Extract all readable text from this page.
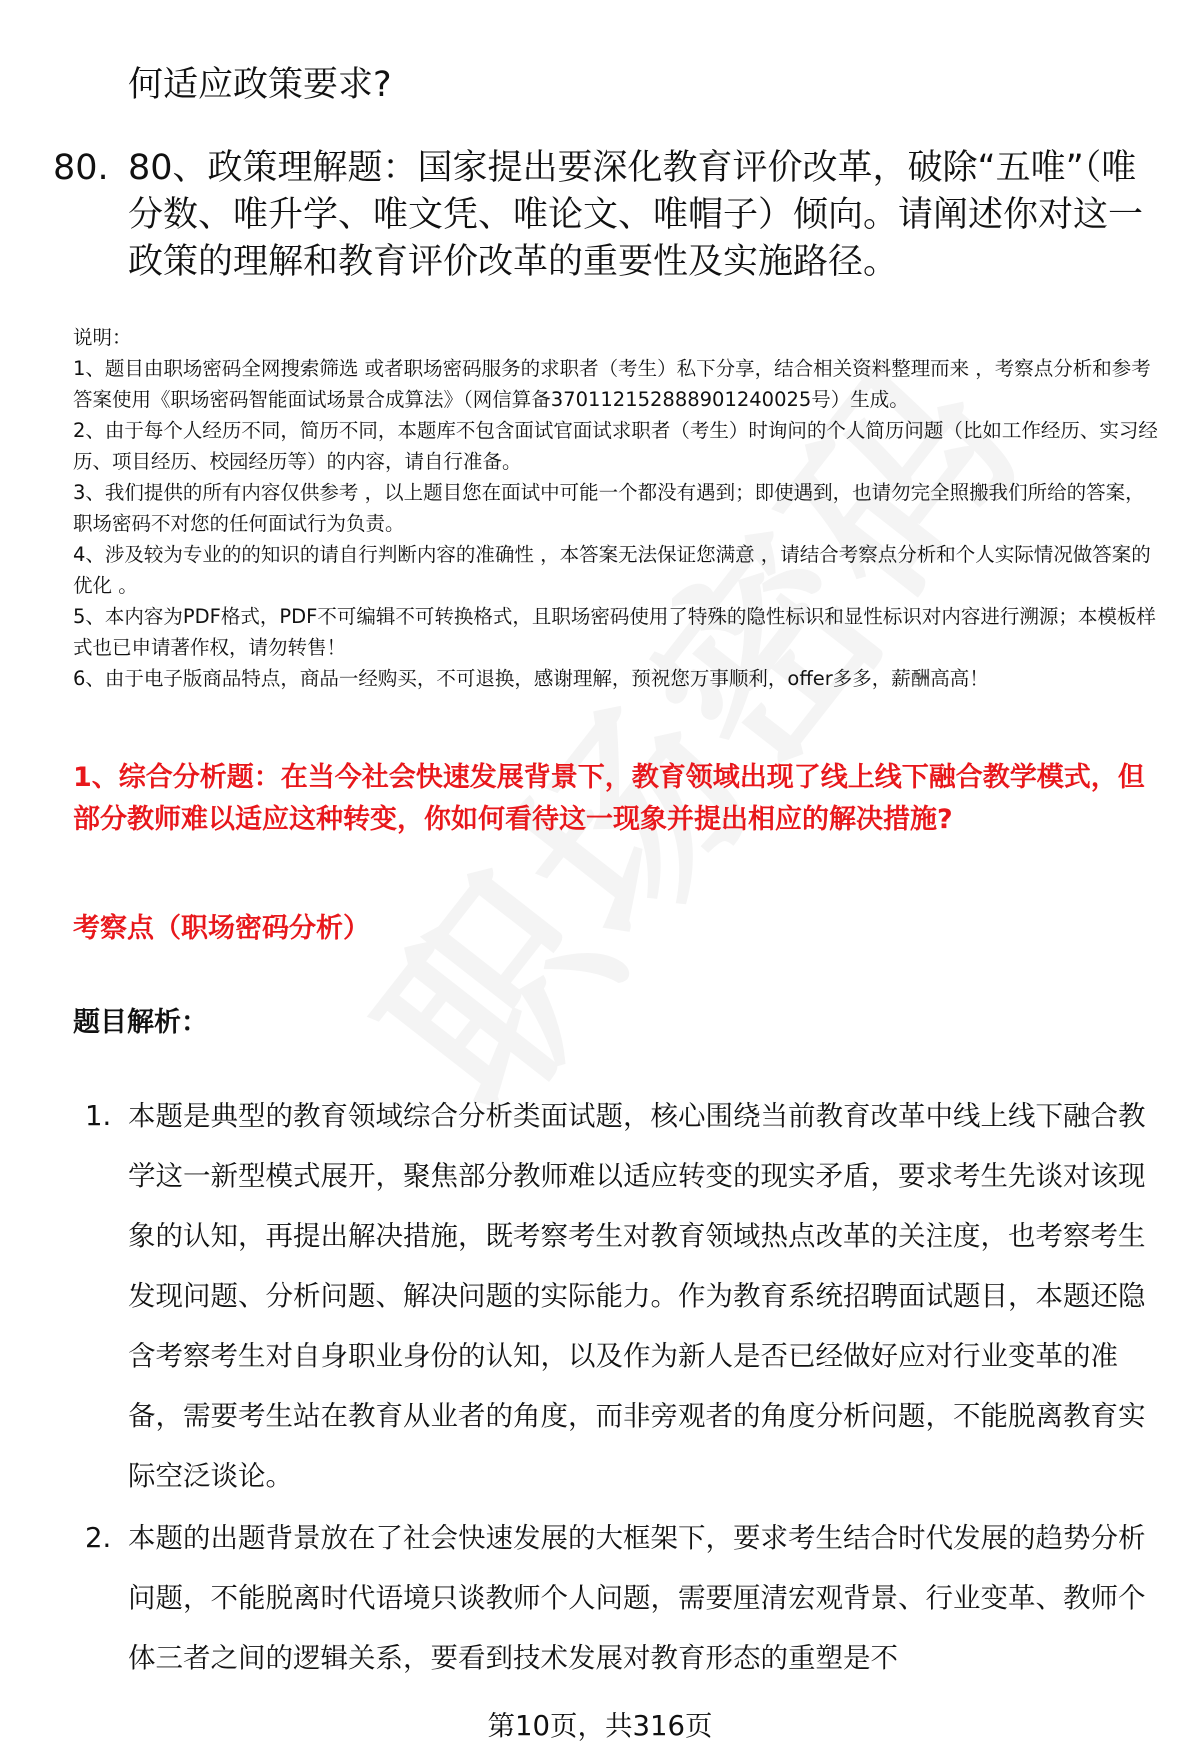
何适应政策要求?
80. 80、政策理解题：国家提出要深化教育评价改革，破除“五唯”（唯分数、唯升学、唯文凭、唯论文、唯帽子）倾向。请阐述你对这一政策的理解和教育评价改革的重要性及实施路径。

说明：

1、题目由职场密码全网搜索筛选 或者职场密码服务的求职者（考生）私下分享，结合相关资料整理而来 ，考察点分析和参考答案使用《职场密码智能面试场景合成算法》（网信算备370112152888901240025号）生成。

2、由于每个人经历不同，简历不同，本题库不包含面试官面试求职者（考生）时询问的个人简历问题（比如工作经历、实习经历、项目经历、校园经历等）的内容，请自行准备。

3、我们提供的所有内容仅供参考 ，以上题目您在面试中可能一个都没有遇到；即使遇到，也请勿完全照搬我们所给的答案，职场密码不对您的任何面试行为负责。

4、涉及较为专业的的知识的请自行判断内容的准确性 ，本答案无法保证您满意 ，请结合考察点分析和个人实际情况做答案的优化 。

5、本内容为PDF格式，PDF不可编辑不可转换格式，且职场密码使用了特殊的隐性标识和显性标识对内容进行溯源；本模板样式也已申请著作权，请勿转售！

6、由于电子版商品特点，商品一经购买，不可退换，感谢理解，预祝您万事顺利，offer多多，薪酬高高！

1、综合分析题：在当今社会快速发展背景下，教育领域出现了线上线下融合教学模式，但部分教师难以适应这种转变，你如何看待这一现象并提出相应的解决措施?
考察点（职场密码分析）
题目解析：

1. 本题是典型的教育领域综合分析类面试题，核心围绕当前教育改革中线上线下融合教学这一新型模式展开，聚焦部分教师难以适应转变的现实矛盾，要求考生先谈对该现象的认知，再提出解决措施，既考察考生对教育领域热点改革的关注度，也考察考生发现问题、分析问题、解决问题的实际能力。作为教育系统招聘面试题目，本题还隐含考察考生对自身职业身份的认知，以及作为新人是否已经做好应对行业变革的准备，需要考生站在教育从业者的角度，而非旁观者的角度分析问题，不能脱离教育实际空泛谈论。

2. 本题的出题背景放在了社会快速发展的大框架下，要求考生结合时代发展的趋势分析问题，不能脱离时代语境只谈教师个人问题，需要厘清宏观背景、行业变革、教师个体三者之间的逻辑关系，要看到技术发展对教育形态的重塑是不

第10页，共316页
